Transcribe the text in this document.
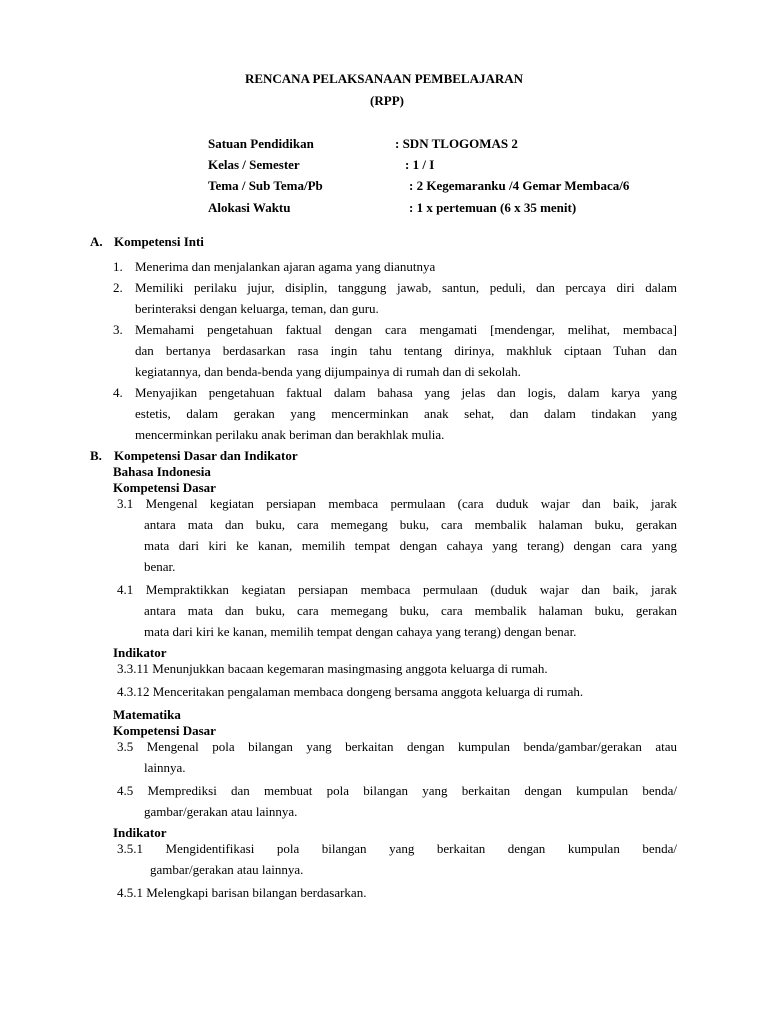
RENCANA PELAKSANAAN PEMBELAJARAN
(RPP)
Satuan Pendidikan	: SDN TLOGOMAS 2
Kelas / Semester	: 1 / I
Tema / Sub Tema/Pb	: 2 Kegemaranku /4 Gemar Membaca/6
Alokasi Waktu	: 1 x pertemuan (6 x 35 menit)
A. Kompetensi Inti
1. Menerima dan menjalankan ajaran agama yang dianutnya
2. Memiliki perilaku jujur, disiplin, tanggung jawab, santun, peduli, dan percaya diri dalam
berinteraksi dengan keluarga, teman, dan guru.
3. Memahami pengetahuan faktual dengan cara mengamati [mendengar, melihat, membaca]
dan bertanya berdasarkan rasa ingin tahu tentang dirinya, makhluk ciptaan Tuhan dan
kegiatannya, dan benda-benda yang dijumpainya di rumah dan di sekolah.
4. Menyajikan pengetahuan faktual dalam bahasa yang jelas dan logis, dalam karya yang
estetis, dalam gerakan yang mencerminkan anak sehat, dan dalam tindakan yang
mencerminkan perilaku anak beriman dan berakhlak mulia.
B. Kompetensi Dasar dan Indikator
Bahasa Indonesia
Kompetensi Dasar
3.1 Mengenal kegiatan persiapan membaca permulaan (cara duduk wajar dan baik, jarak
antara mata dan buku, cara memegang buku, cara membalik halaman buku, gerakan
mata dari kiri ke kanan, memilih tempat dengan cahaya yang terang) dengan cara yang
benar.
4.1 Mempraktikkan kegiatan persiapan membaca permulaan (duduk wajar dan baik, jarak
antara mata dan buku, cara memegang buku, cara membalik halaman buku, gerakan
mata dari kiri ke kanan, memilih tempat dengan cahaya yang terang) dengan benar.
Indikator
3.3.11 Menunjukkan bacaan kegemaran masingmasing anggota keluarga di rumah.
4.3.12 Menceritakan pengalaman membaca dongeng bersama anggota keluarga di rumah.
Matematika
Kompetensi Dasar
3.5 Mengenal pola bilangan yang berkaitan dengan kumpulan benda/gambar/gerakan atau
lainnya.
4.5 Memprediksi dan membuat pola bilangan yang berkaitan dengan kumpulan benda/
gambar/gerakan atau lainnya.
Indikator
3.5.1 Mengidentifikasi pola bilangan yang berkaitan dengan kumpulan benda/
gambar/gerakan atau lainnya.
4.5.1 Melengkapi barisan bilangan berdasarkan.
